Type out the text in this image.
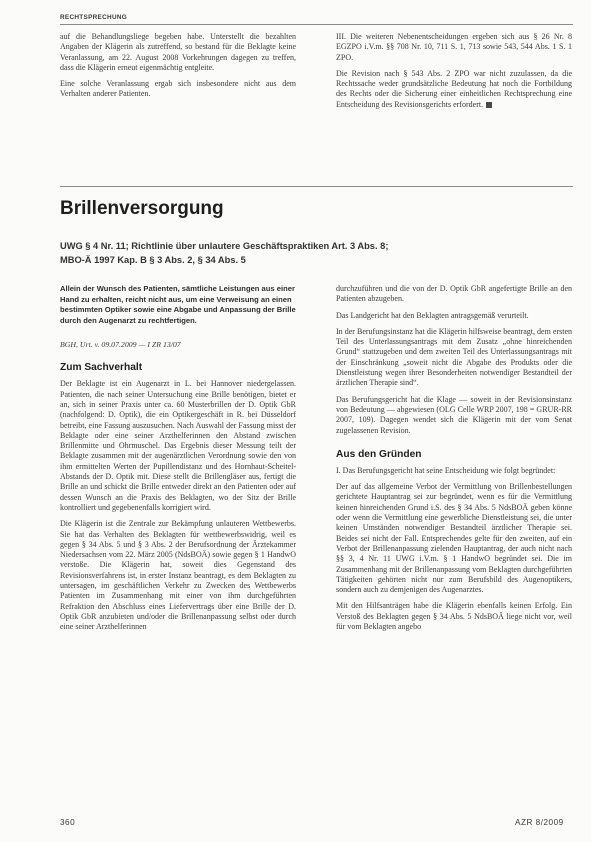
RECHTSPRECHUNG

auf die Behandlungsliege begeben habe. Unterstellt die bezahlten Angaben der Klägerin als zutreffend, so bestand für die Beklagte keine Veranlassung, am 22. August 2008 Vorkehrungen dagegen zu treffen, dass die Klägerin erneut eigenmächtig entgleite.

Eine solche Veranlassung ergab sich insbesondere nicht aus dem Verhalten anderer Patienten.

III. Die weiteren Nebenentscheidungen ergeben sich aus § 26 Nr. 8 EGZPO i.V.m. §§ 708 Nr. 10, 711 S. 1, 713 sowie 543, 544 Abs. 1 S. 1 ZPO.

Die Revision nach § 543 Abs. 2 ZPO war nicht zuzulassen, da die Rechtssache weder grundsätzliche Bedeutung hat noch die Fortbildung des Rechts oder die Sicherung einer einheitlichen Rechtsprechung eine Entscheidung des Revisionsgerichts erfordert.

Brillenversorgung
UWG § 4 Nr. 11; Richtlinie über unlautere Geschäftspraktiken Art. 3 Abs. 8;
MBO-Ä 1997 Kap. B § 3 Abs. 2, § 34 Abs. 5

Allein der Wunsch des Patienten, sämtliche Leistungen aus einer Hand zu erhalten, reicht nicht aus, um eine Verweisung an einen bestimmten Optiker sowie eine Abgabe und Anpassung der Brille durch den Augenarzt zu rechtfertigen.

BGH, Urt. v. 09.07.2009 — I ZR 13/07

Zum Sachverhalt

Der Beklagte ist ein Augenarzt in L. bei Hannover niedergelassen. Patienten, die nach seiner Untersuchung eine Brille benötigen, bietet er an, sich in seiner Praxis unter ca. 60 Musterbrillen der D. Optik GbR (nachfolgend: D. Optik), die ein Optikergeschäft in R. bei Düsseldorf betreibt, eine Fassung auszusuchen. Nach Auswahl der Fassung misst der Beklagte oder eine seiner Arzthelferinnen den Abstand zwischen Brillenmitte und Ohrmuschel. Das Ergebnis dieser Messung teilt der Beklagte zusammen mit der augenärztlichen Verordnung sowie den von ihm ermittelten Werten der Pupillendistanz und des Hornhaut-Scheitel-Abstands der D. Optik mit. Diese stellt die Brillengläser aus, fertigt die Brille an und schickt die Brille entweder direkt an den Patienten oder auf dessen Wunsch an die Praxis des Beklagten, wo der Sitz der Brille kontrolliert und gegebenenfalls korrigiert wird.

Die Klägerin ist die Zentrale zur Bekämpfung unlauteren Wettbewerbs. Sie hat das Verhalten des Beklagten für wettbewerbswidrig, weil es gegen § 34 Abs. 5 und § 3 Abs. 2 der Berufsordnung der Ärztekammer Niedersachsen vom 22. März 2005 (NdsBOÄ) sowie gegen § 1 HandwO verstoße. Die Klägerin hat, soweit dies Gegenstand des Revisionsverfahrens ist, in erster Instanz beantragt, es dem Beklagten zu untersagen, im geschäftlichen Verkehr zu Zwecken des Wettbewerbs Patienten im Zusammenhang mit einer von ihm durchgeführten Refraktion den Abschluss eines Liefervertrags über eine Brille der D. Optik GbR anzubieten und/oder die Brillenanpassung selbst oder durch eine seiner Arzthelferinnen

durchzuführen und die von der D. Optik GbR angefertigte Brille an den Patienten abzugeben.

Das Landgericht hat den Beklagten antragsgemäß verurteilt.

In der Berufungsinstanz hat die Klägerin hilfsweise beantragt, dem ersten Teil des Unterlassungsantrags mit dem Zusatz „ohne hinreichenden Grund“ stattzugeben und dem zweiten Teil des Unterlassungsantrags mit der Einschränkung „soweit nicht die Abgabe des Produkts oder die Dienstleistung wegen ihrer Besonderheiten notwendiger Bestandteil der ärztlichen Therapie sind“.

Das Berufungsgericht hat die Klage — soweit in der Revisionsinstanz von Bedeutung — abgewiesen (OLG Celle WRP 2007, 198 = GRUR-RR 2007, 109). Dagegen wendet sich die Klägerin mit der vom Senat zugelassenen Revision.

Aus den Gründen

I. Das Berufungsgericht hat seine Entscheidung wie folgt begründet:

Der auf das allgemeine Verbot der Vermittlung von Brillenbestellungen gerichtete Hauptantrag sei zur begründet, wenn es für die Vermittlung keinen hinreichenden Grund i.S. des § 34 Abs. 5 NdsBOÄ geben könne oder wenn die Vermittlung eine gewerbliche Dienstleistung sei, die unter keinen Umständen notwendiger Bestandteil ärztlicher Therapie sei. Beides sei nicht der Fall. Entsprechendes gelte für den zweiten, auf ein Verbot der Brillenanpassung zielenden Hauptantrag, der auch nicht nach §§ 3, 4 Nr. 11 UWG i.V.m. § 1 HandwO begründet sei. Die im Zusammenhang mit der Brillenanpassung vom Beklagten durchgeführten Tätigkeiten gehörten nicht nur zum Berufsbild des Augenoptikers, sondern auch zu demjenigen des Augenarztes.

Mit den Hilfsanträgen habe die Klägerin ebenfalls keinen Erfolg. Ein Verstoß des Beklagten gegen § 34 Abs. 5 NdsBOÄ liege nicht vor, weil für vom Beklagten angebo

360	AZR 8/2009
